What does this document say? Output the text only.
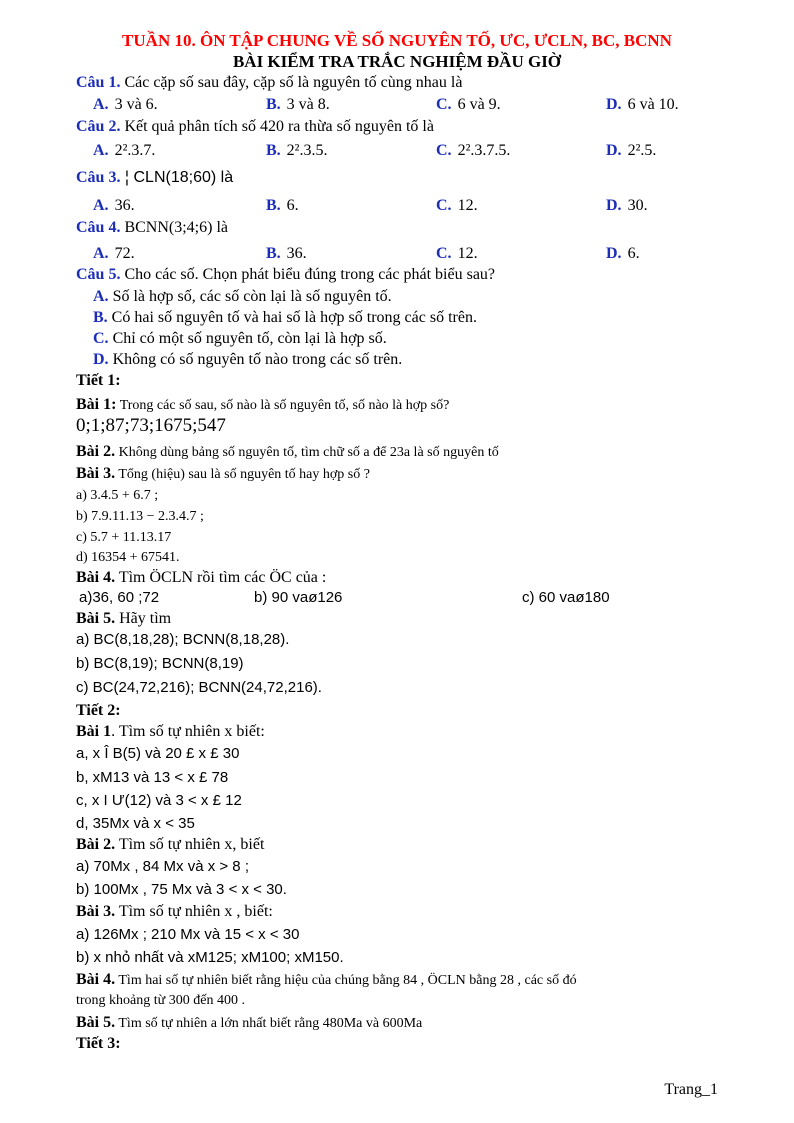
TUẦN 10. ÔN TẬP CHUNG VỀ SỐ NGUYÊN TỐ, ƯC, ƯCLN, BC, BCNN
BÀI KIỂM TRA TRẮC NGHIỆM ĐẦU GIỜ
Câu 1. Các cặp số sau đây, cặp số là nguyên tố cùng nhau là
A. 3 và 6.	B. 3 và 8.	C. 6 và 9.	D. 6 và 10.
Câu 2. Kết quả phân tích số 420 ra thừa số nguyên tố là
A. 2².3.7.	B. 2².3.5.	C. 2².3.7.5.	D. 2².5.
Câu 3. ¦ CLN(18;60) là
A. 36.	B. 6.	C. 12.	D. 30.
Câu 4. BCNN(3;4;6) là
A. 72.	B. 36.	C. 12.	D. 6.
Câu 5. Cho các số. Chọn phát biểu đúng trong các phát biểu sau?
A. Số là hợp số, các số còn lại là số nguyên tố.
B. Có hai số nguyên tố và hai số là hợp số trong các số trên.
C. Chỉ có một số nguyên tố, còn lại là hợp số.
D. Không có số nguyên tố nào trong các số trên.
Tiết 1:
Bài 1: Trong các số sau, số nào là số nguyên tố, số nào là hợp số?
0;1;87;73;1675;547
Bài 2. Không dùng bảng số nguyên tố, tìm chữ số a để 23a là số nguyên tố
Bài 3. Tổng (hiệu) sau là số nguyên tố hay hợp số ?
a) 3.4.5 + 6.7 ;
b) 7.9.11.13 − 2.3.4.7 ;
c) 5.7 + 11.13.17
d) 16354 + 67541.
Bài 4. Tìm ÖCLN rồi tìm các ÖC của :
a)36, 60 ;72	b) 90 vaø126	c) 60 vaø180
Bài 5. Hãy tìm
a) BC(8,18,28); BCNN(8,18,28).
b) BC(8,19); BCNN(8,19)
c) BC(24,72,216); BCNN(24,72,216).
Tiết 2:
Bài 1. Tìm số tự nhiên x biết:
a, x Î B(5) và 20 £ x £ 30
b, xM13 và 13 < x £ 78
c, x Ι Ư(12) và 3 < x £ 12
d, 35Mx và x < 35
Bài 2. Tìm số tự nhiên x, biết
a) 70Mx , 84 Mx và x > 8 ;
b) 100Mx , 75 Mx và 3 < x < 30.
Bài 3. Tìm số tự nhiên x , biết:
a) 126Mx ; 210 Mx và 15 < x < 30
b) x nhỏ nhất và xM125; xM100; xM150.
Bài 4. Tìm hai số tự nhiên biết rằng hiệu của chúng bằng 84 , ÖCLN bằng 28 , các số đó
trong khoảng từ 300 đến 400 .
Bài 5. Tìm số tự nhiên a lớn nhất biết rằng 480Ma và 600Ma
Tiết 3:
Trang_1
